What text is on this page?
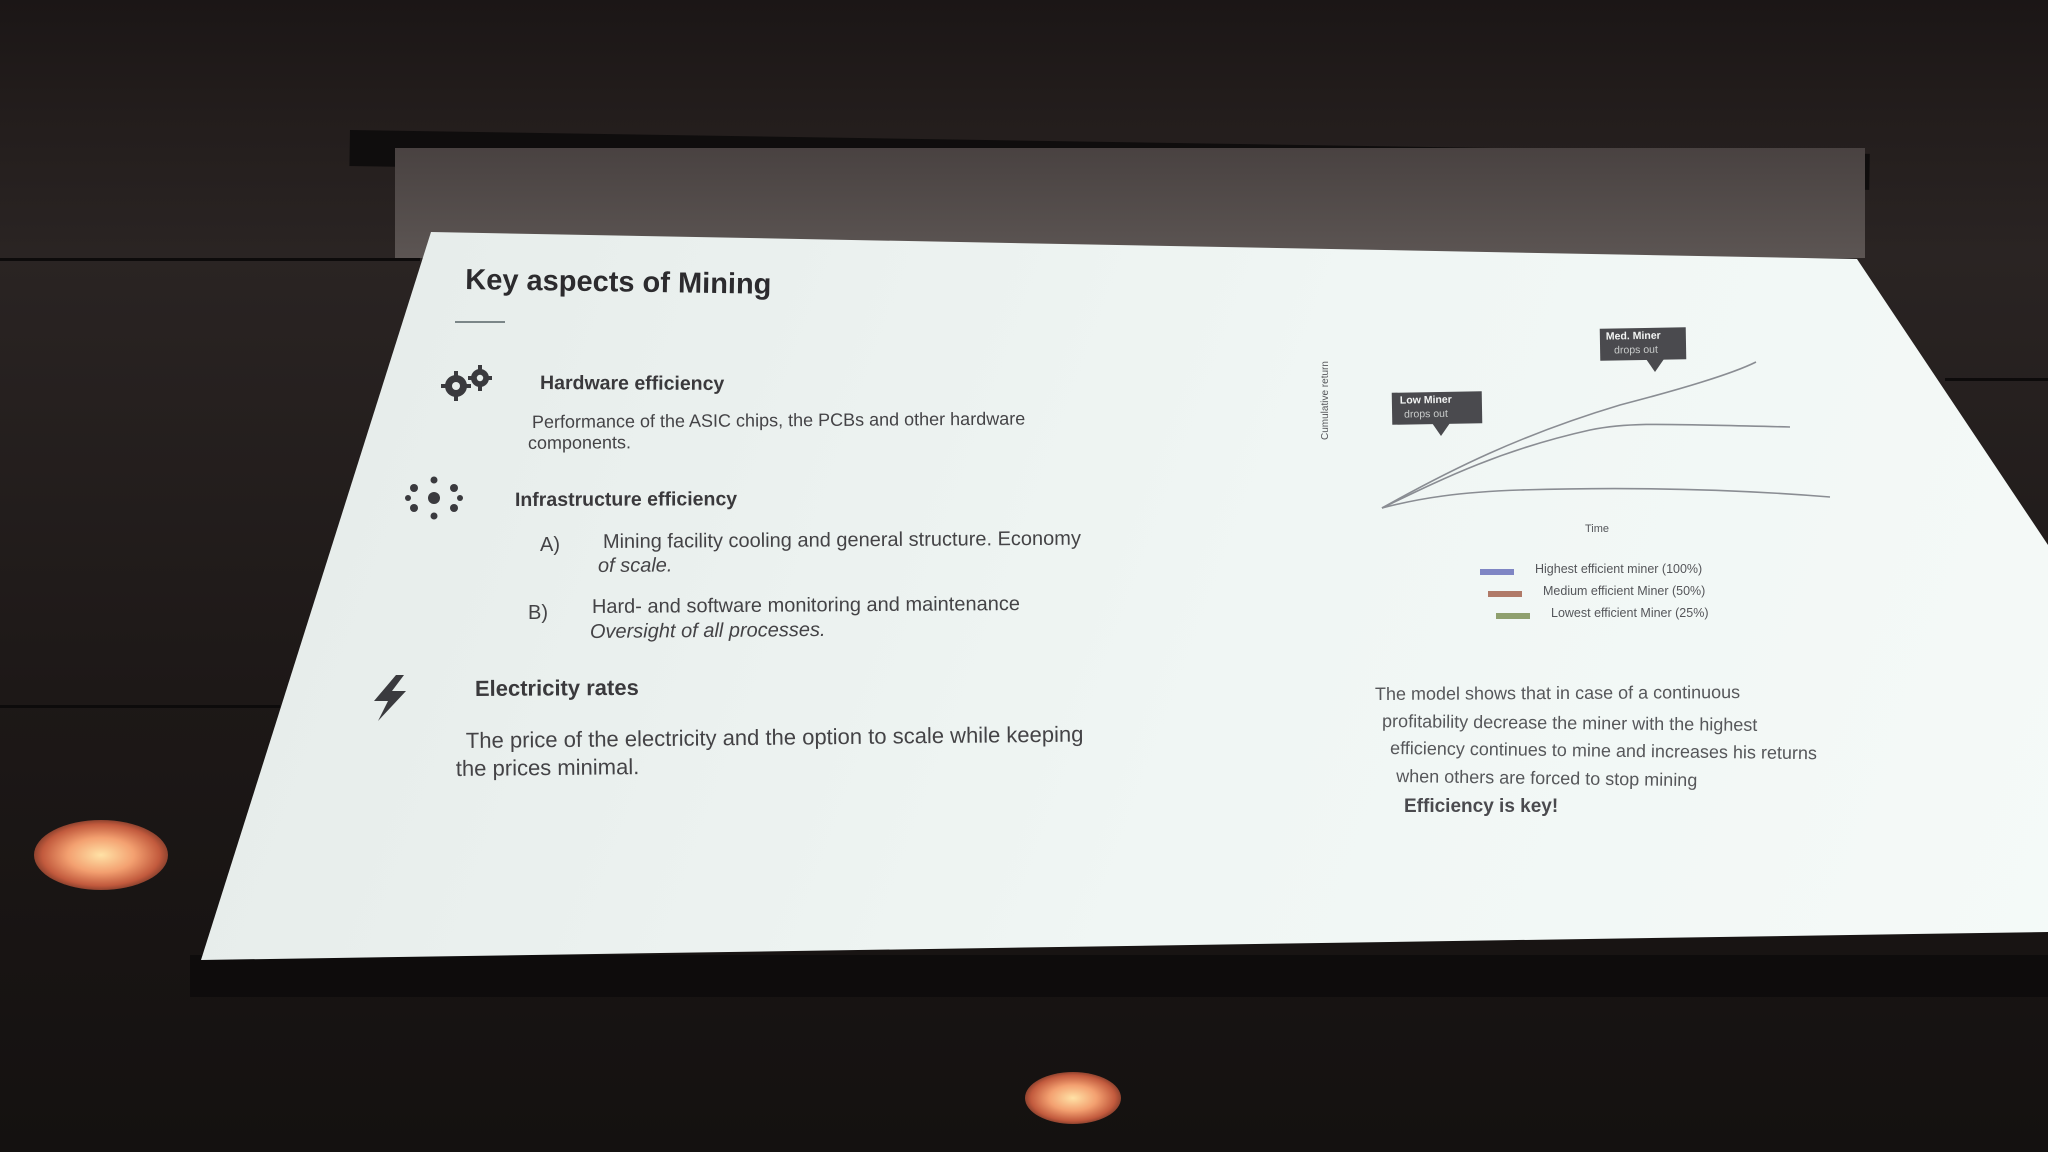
Key aspects of Mining
Hardware efficiency
Performance of the ASIC chips, the PCBs and other hardware
components.
Infrastructure efficiency
A) Mining facility cooling and general structure. Economy
of scale.
B) Hard- and software monitoring and maintenance
Oversight of all processes.
Electricity rates
The price of the electricity and the option to scale while keeping
the prices minimal.
Cumulative return	Low Miner
drops out
Med. Miner
drops out
Time
Highest efficient miner (100%)
Medium efficient Miner (50%)
Lowest efficient Miner (25%)
The model shows that in case of a continuous
profitability decrease the miner with the highest
efficiency continues to mine and increases his returns
when others are forced to stop mining
Efficiency is key!
